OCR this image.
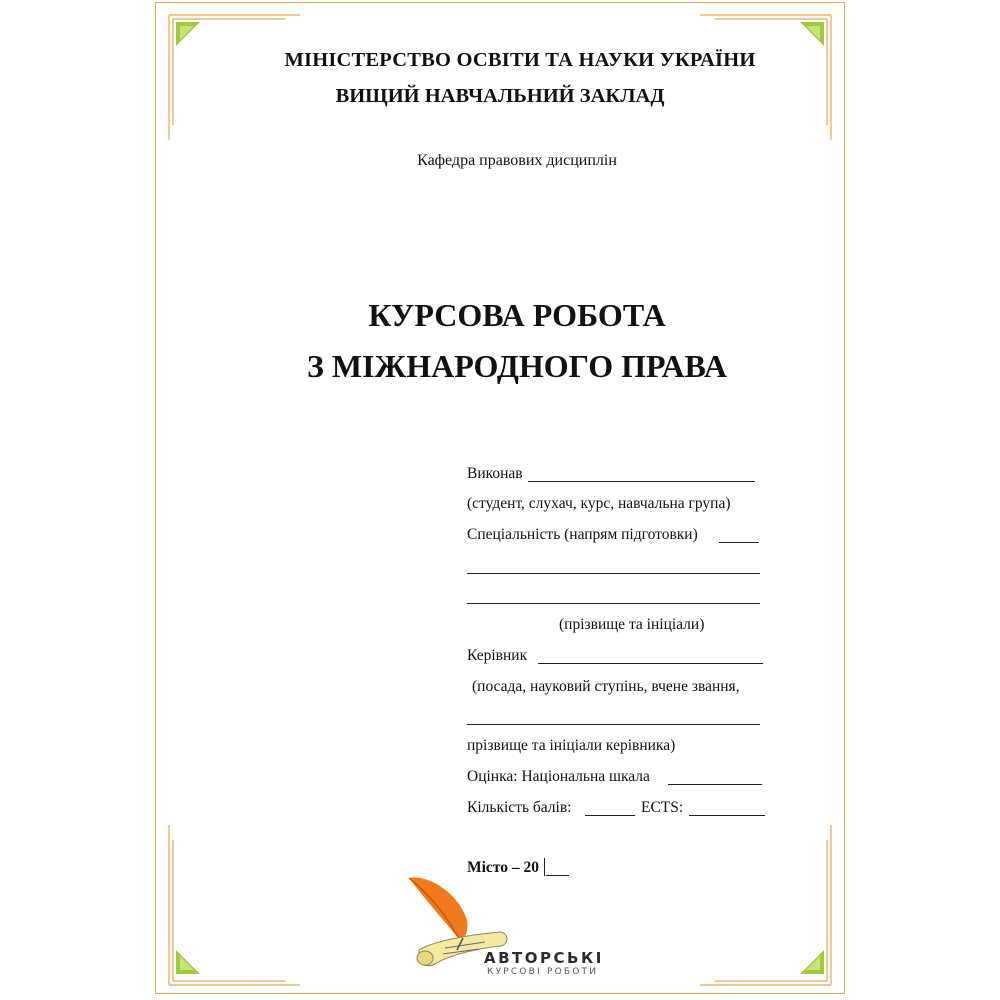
МІНІСТЕРСТВО ОСВІТИ ТА НАУКИ УКРАЇНИ
ВИЩИЙ НАВЧАЛЬНИЙ ЗАКЛАД
Кафедра правових дисциплін
КУРСОВА РОБОТА
З МІЖНАРОДНОГО ПРАВА
Виконав
(студент, слухач, курс, навчальна група)
Спеціальність (напрям підготовки)
(прізвище та ініціали)
Керівник
(посада, науковий ступінь, вчене звання,
прізвище та ініціали керівника)
Оцінка: Національна шкала
Кількість балів:	ECTS:
Місто – 20
АВТОРСЬКІ
КУРСОВІ РОБОТИ
